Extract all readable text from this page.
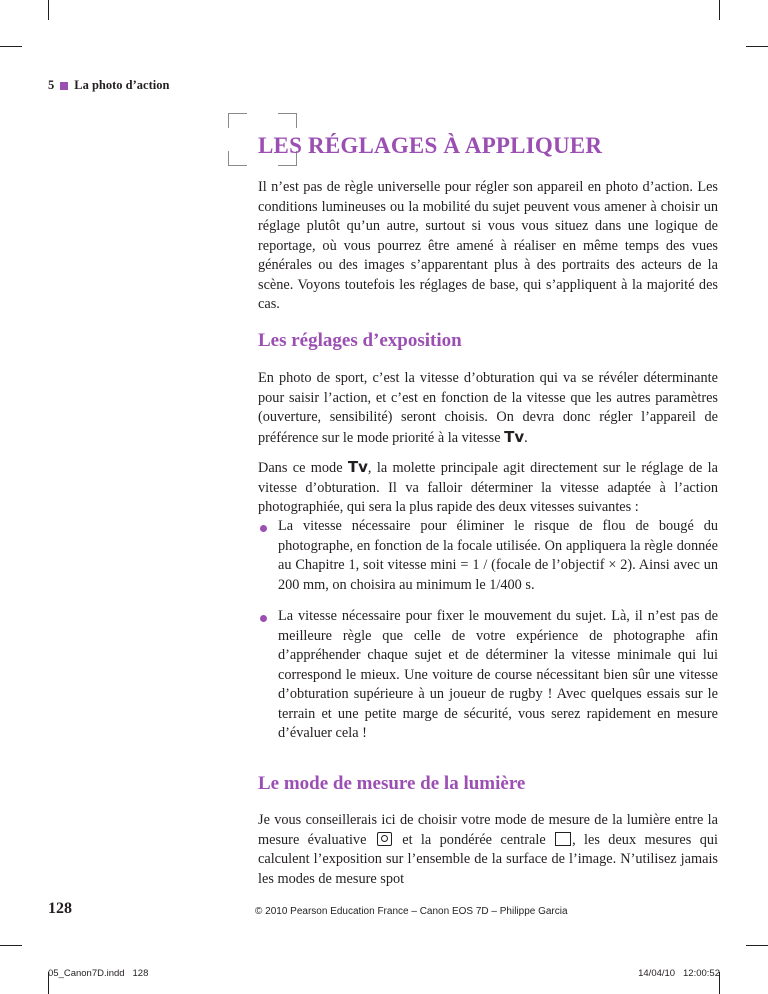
5 La photo d’action
LES RÉGLAGES À APPLIQUER

Il n’est pas de règle universelle pour régler son appareil en photo d’action. Les conditions lumineuses ou la mobilité du sujet peuvent vous amener à choisir un réglage plutôt qu’un autre, surtout si vous vous situez dans une logique de reportage, où vous pourrez être amené à réaliser en même temps des vues générales ou des images s’apparentant plus à des portraits des acteurs de la scène. Voyons toutefois les réglages de base, qui s’appliquent à la majorité des cas.

Les réglages d’exposition

En photo de sport, c’est la vitesse d’obturation qui va se révéler déterminante pour saisir l’action, et c’est en fonction de la vitesse que les autres paramètres (ouverture, sensibilité) seront choisis. On devra donc régler l’appareil de préférence sur le mode priorité à la vitesse Tv.

Dans ce mode Tv, la molette principale agit directement sur le réglage de la vitesse d’obturation. Il va falloir déterminer la vitesse adaptée à l’action photographiée, qui sera la plus rapide des deux vitesses suivantes :

La vitesse nécessaire pour éliminer le risque de flou de bougé du photographe, en fonction de la focale utilisée. On appliquera la règle donnée au Chapitre 1, soit vitesse mini = 1 / (focale de l’objectif × 2). Ainsi avec un 200 mm, on choisira au minimum le 1/400 s.
La vitesse nécessaire pour fixer le mouvement du sujet. Là, il n’est pas de meilleure règle que celle de votre expérience de photographe afin d’appréhender chaque sujet et de déterminer la vitesse minimale qui lui correspond le mieux. Une voiture de course nécessitant bien sûr une vitesse d’obturation supérieure à un joueur de rugby ! Avec quelques essais sur le terrain et une petite marge de sécurité, vous serez rapidement en mesure d’évaluer cela !
Le mode de mesure de la lumière

Je vous conseillerais ici de choisir votre mode de mesure de la lumière entre la mesure évaluative  et la pondérée centrale , les deux mesures qui calculent l’exposition sur l’ensemble de la surface de l’image. N’utilisez jamais les modes de mesure spot

128	© 2010 Pearson Education France – Canon EOS 7D – Philippe Garcia
05_Canon7D.indd   128	14/04/10   12:00:52
